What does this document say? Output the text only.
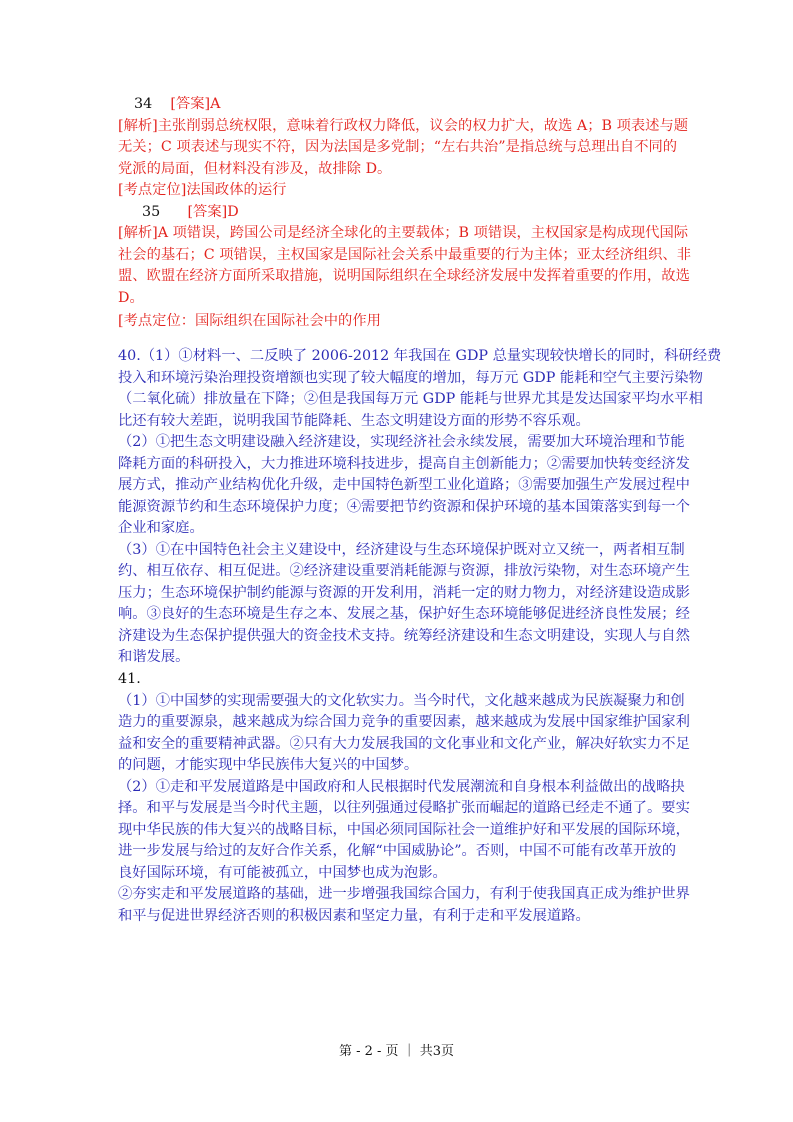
34 [答案]A
[解析]主张削弱总统权限，意味着行政权力降低，议会的权力扩大，故选 A；B 项表述与题
无关；C 项表述与现实不符，因为法国是多党制；“左右共治”是指总统与总理出自不同的
党派的局面，但材料没有涉及，故排除 D。
[考点定位]法国政体的运行
35 [答案]D
[解析]A 项错误，跨国公司是经济全球化的主要载体；B 项错误，主权国家是构成现代国际
社会的基石；C 项错误，主权国家是国际社会关系中最重要的行为主体；亚太经济组织、非
盟、欧盟在经济方面所采取措施，说明国际组织在全球经济发展中发挥着重要的作用，故选
D。
[考点定位：国际组织在国际社会中的作用
40.（1）①材料一、二反映了 2006-2012 年我国在 GDP 总量实现较快增长的同时，科研经费
投入和环境污染治理投资增额也实现了较大幅度的增加，每万元 GDP 能耗和空气主要污染物
（二氧化硫）排放量在下降；②但是我国每万元 GDP 能耗与世界尤其是发达国家平均水平相
比还有较大差距，说明我国节能降耗、生态文明建设方面的形势不容乐观。
（2）①把生态文明建设融入经济建设，实现经济社会永续发展，需要加大环境治理和节能
降耗方面的科研投入，大力推进环境科技进步，提高自主创新能力；②需要加快转变经济发
展方式，推动产业结构优化升级，走中国特色新型工业化道路；③需要加强生产发展过程中
能源资源节约和生态环境保护力度；④需要把节约资源和保护环境的基本国策落实到每一个
企业和家庭。
（3）①在中国特色社会主义建设中，经济建设与生态环境保护既对立又统一，两者相互制
约、相互依存、相互促进。②经济建设重要消耗能源与资源，排放污染物，对生态环境产生
压力；生态环境保护制约能源与资源的开发利用，消耗一定的财力物力，对经济建设造成影
响。③良好的生态环境是生存之本、发展之基，保护好生态环境能够促进经济良性发展；经
济建设为生态保护提供强大的资金技术支持。统筹经济建设和生态文明建设，实现人与自然
和谐发展。
41.
（1）①中国梦的实现需要强大的文化软实力。当今时代，文化越来越成为民族凝聚力和创
造力的重要源泉，越来越成为综合国力竞争的重要因素，越来越成为发展中国家维护国家利
益和安全的重要精神武器。②只有大力发展我国的文化事业和文化产业，解决好软实力不足
的问题，才能实现中华民族伟大复兴的中国梦。
（2）①走和平发展道路是中国政府和人民根据时代发展潮流和自身根本利益做出的战略抉
择。和平与发展是当今时代主题，以往列强通过侵略扩张而崛起的道路已经走不通了。要实
现中华民族的伟大复兴的战略目标，中国必须同国际社会一道维护好和平发展的国际环境，
进一步发展与给过的友好合作关系，化解“中国威胁论”。否则，中国不可能有改革开放的
良好国际环境，有可能被孤立，中国梦也成为泡影。
②夯实走和平发展道路的基础，进一步增强我国综合国力，有利于使我国真正成为维护世界
和平与促进世界经济否则的积极因素和坚定力量，有利于走和平发展道路。
第 - 2 - 页 ｜ 共3页
